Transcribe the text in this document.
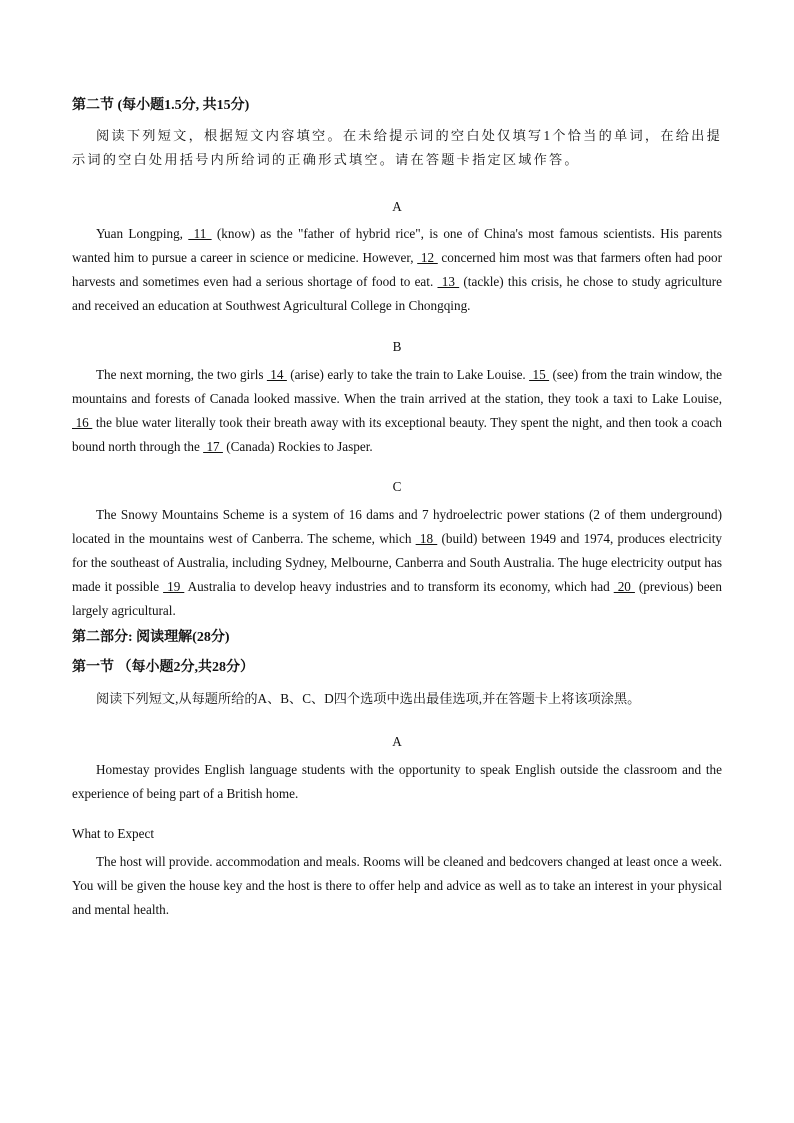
第二节 (每小题1.5分, 共15分)
阅读下列短文，根据短文内容填空。在未给提示词的空白处仅填写1个恰当的单词，在给出提示词的空白处用括号内所给词的正确形式填空。请在答题卡指定区域作答。
A
Yuan Longping,  11  (know) as the "father of hybrid rice", is one of China's most famous scientists. His parents wanted him to pursue a career in science or medicine. However,  12  concerned him most was that farmers often had poor harvests and sometimes even had a serious shortage of food to eat.  13  (tackle) this crisis, he chose to study agriculture and received an education at Southwest Agricultural College in Chongqing.
B
The next morning, the two girls  14  (arise) early to take the train to Lake Louise.  15  (see) from the train window, the mountains and forests of Canada looked massive. When the train arrived at the station, they took a taxi to Lake Louise,  16  the blue water literally took their breath away with its exceptional beauty. They spent the night, and then took a coach bound north through the  17  (Canada) Rockies to Jasper.
C
The Snowy Mountains Scheme is a system of 16 dams and 7 hydroelectric power stations (2 of them underground) located in the mountains west of Canberra. The scheme, which  18  (build) between 1949 and 1974, produces electricity for the southeast of Australia, including Sydney, Melbourne, Canberra and South Australia. The huge electricity output has made it possible  19  Australia to develop heavy industries and to transform its economy, which had  20  (previous) been largely agricultural.
第二部分: 阅读理解(28分)
第一节 （每小题2分,共28分）
阅读下列短文,从每题所给的A、B、C、D四个选项中选出最佳选项,并在答题卡上将该项涂黑。
A
Homestay provides English language students with the opportunity to speak English outside the classroom and the experience of being part of a British home.
What to Expect
The host will provide. accommodation and meals. Rooms will be cleaned and bedcovers changed at least once a week. You will be given the house key and the host is there to offer help and advice as well as to take an interest in your physical and mental health.
